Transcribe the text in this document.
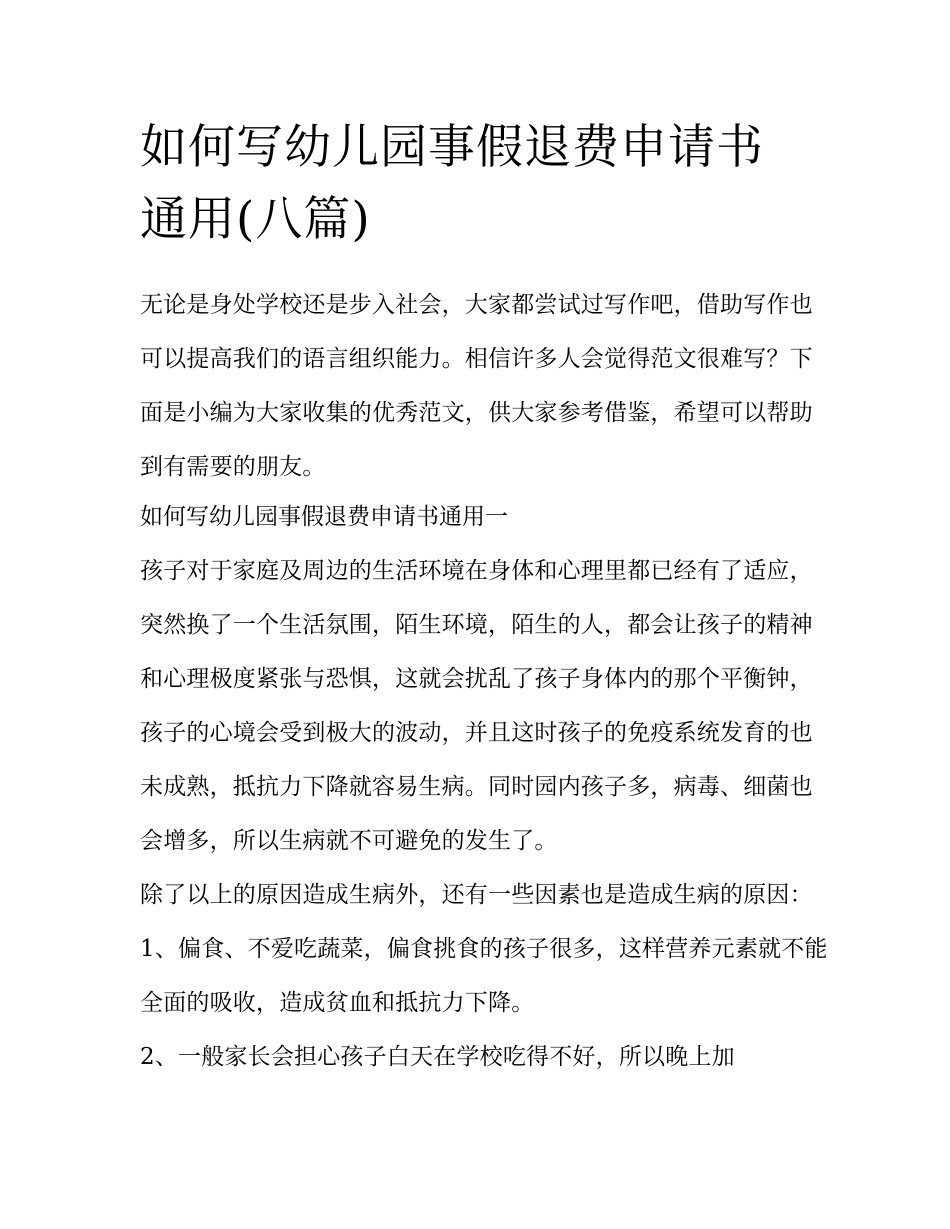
如何写幼儿园事假退费申请书
通用(八篇)

无论是身处学校还是步入社会，大家都尝试过写作吧，借助写作也可以提高我们的语言组织能力。相信许多人会觉得范文很难写？下面是小编为大家收集的优秀范文，供大家参考借鉴，希望可以帮助到有需要的朋友。

如何写幼儿园事假退费申请书通用一

孩子对于家庭及周边的生活环境在身体和心理里都已经有了适应，突然换了一个生活氛围，陌生环境，陌生的人，都会让孩子的精神和心理极度紧张与恐惧，这就会扰乱了孩子身体内的那个平衡钟，孩子的心境会受到极大的波动，并且这时孩子的免疫系统发育的也未成熟，抵抗力下降就容易生病。同时园内孩子多，病毒、细菌也会增多，所以生病就不可避免的发生了。

除了以上的原因造成生病外，还有一些因素也是造成生病的原因： 1、偏食、不爱吃蔬菜，偏食挑食的孩子很多，这样营养元素就不能全面的吸收，造成贫血和抵抗力下降。

2、一般家长会担心孩子白天在学校吃得不好，所以晚上加
